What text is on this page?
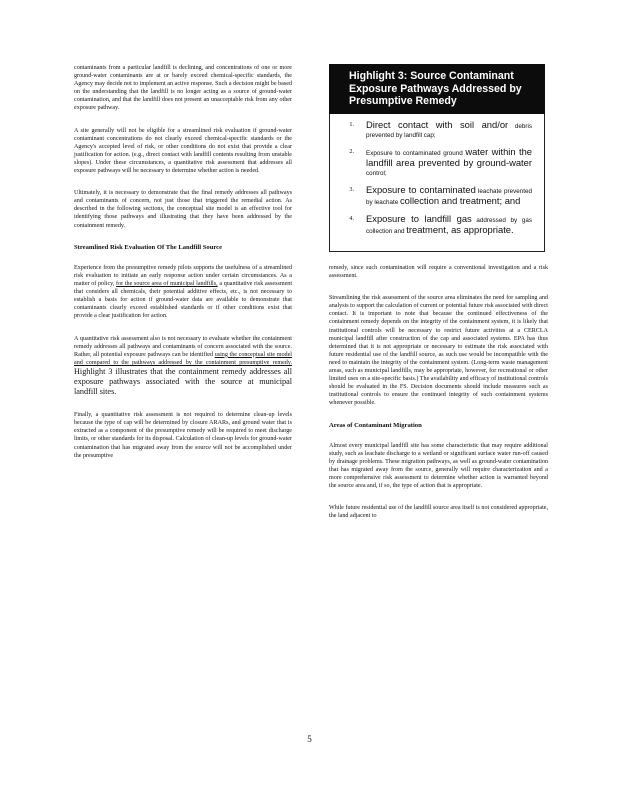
contaminants from a particular landfill is declining, and concentrations of one or more ground-water contaminants are at or barely exceed chemical-specific standards, the Agency may decide not to implement an active response. Such a decision might be based on the understanding that the landfill is no longer acting as a source of ground-water contamination, and that the landfill does not present an unacceptable risk from any other exposure pathway.

A site generally will not be eligible for a streamlined risk evaluation if ground-water contaminant concentrations do not clearly exceed chemical-specific standards or the Agency's accepted level of risk, or other conditions do not exist that provide a clear justification for action. (e.g., direct contact with landfill contents resulting from unstable slopes). Under these circumstances, a quantitative risk assessment that addresses all exposure pathways will be necessary to determine whether action is needed.

Ultimately, it is necessary to demonstrate that the final remedy addresses all pathways and contaminants of concern, not just those that triggered the remedial action. As described in the following sections, the conceptual site model is an effective tool for identifying those pathways and illustrating that they have been addressed by the containment remedy.

Streamlined Risk Evaluation Of The Landfill Source

Experience from the presumptive remedy pilots supports the usefulness of a streamlined risk evaluation to initiate an early response action under certain circumstances. As a matter of policy, for the source area of municipal landfills, a quantitative risk assessment that considers all chemicals, their potential additive effects, etc., is not necessary to establish a basis for action if ground-water data are available to demonstrate that contaminants clearly exceed established standards or if other conditions exist that provide a clear justification for action.

A quantitative risk assessment also is not necessary to evaluate whether the containment remedy addresses all pathways and contaminants of concern associated with the source. Rather, all potential exposure pathways can be identified using the conceptual site model and compared to the pathways addressed by the containment presumptive remedy. Highlight 3 illustrates that the containment remedy addresses all exposure pathways associated with the source at municipal landfill sites.

Finally, a quantitative risk assessment is not required to determine clean-up levels because the type of cap will be determined by closure ARARs, and ground water that is extracted as a component of the presumptive remedy will be required to meet discharge limits, or other standards for its disposal. Calculation of clean-up levels for ground-water contamination that has migrated away from the source will not be accomplished under the presumptive

Highlight 3: Source Contaminant Exposure Pathways Addressed by Presumptive Remedy
1.	Direct contact with soil and/or debris prevented by landfill cap;
2.	Exposure to contaminated ground water within the landfill area prevented by ground-water control;
3.	Exposure to contaminated leachate prevented by leachate collection and treatment; and
4.	Exposure to landfill gas addressed by gas collection and treatment, as appropriate.

remedy, since such contamination will require a conventional investigation and a risk assessment.

Streamlining the risk assessment of the source area eliminates the need for sampling and analysis to support the calculation of current or potential future risk associated with direct contact. It is important to note that because the continued effectiveness of the containment remedy depends on the integrity of the containment system, it is likely that institutional controls will be necessary to restrict future activities at a CERCLA municipal landfill after construction of the cap and associated systems. EPA has thus determined that it is not appropriate or necessary to estimate the risk associated with future residential use of the landfill source, as such use would be incompatible with the need to maintain the integrity of the containment system. (Long-term waste management areas, such as municipal landfills, may be appropriate, however, for recreational or other limited uses on a site-specific basis.) The availability and efficacy of institutional controls should be evaluated in the FS. Decision documents should include measures such as institutional controls to ensure the continued integrity of such containment systems whenever possible.

Areas of Contaminant Migration

Almost every municipal landfill site has some characteristic that may require additional study, such as leachate discharge to a wetland or significant surface water run-off caused by drainage problems. These migration pathways, as well as ground-water contamination that has migrated away from the source, generally will require characterization and a more comprehensive risk assessment to determine whether action is warranted beyond the source area and, if so, the type of action that is appropriate.

While future residential use of the landfill source area itself is not considered appropriate, the land adjacent to

5
